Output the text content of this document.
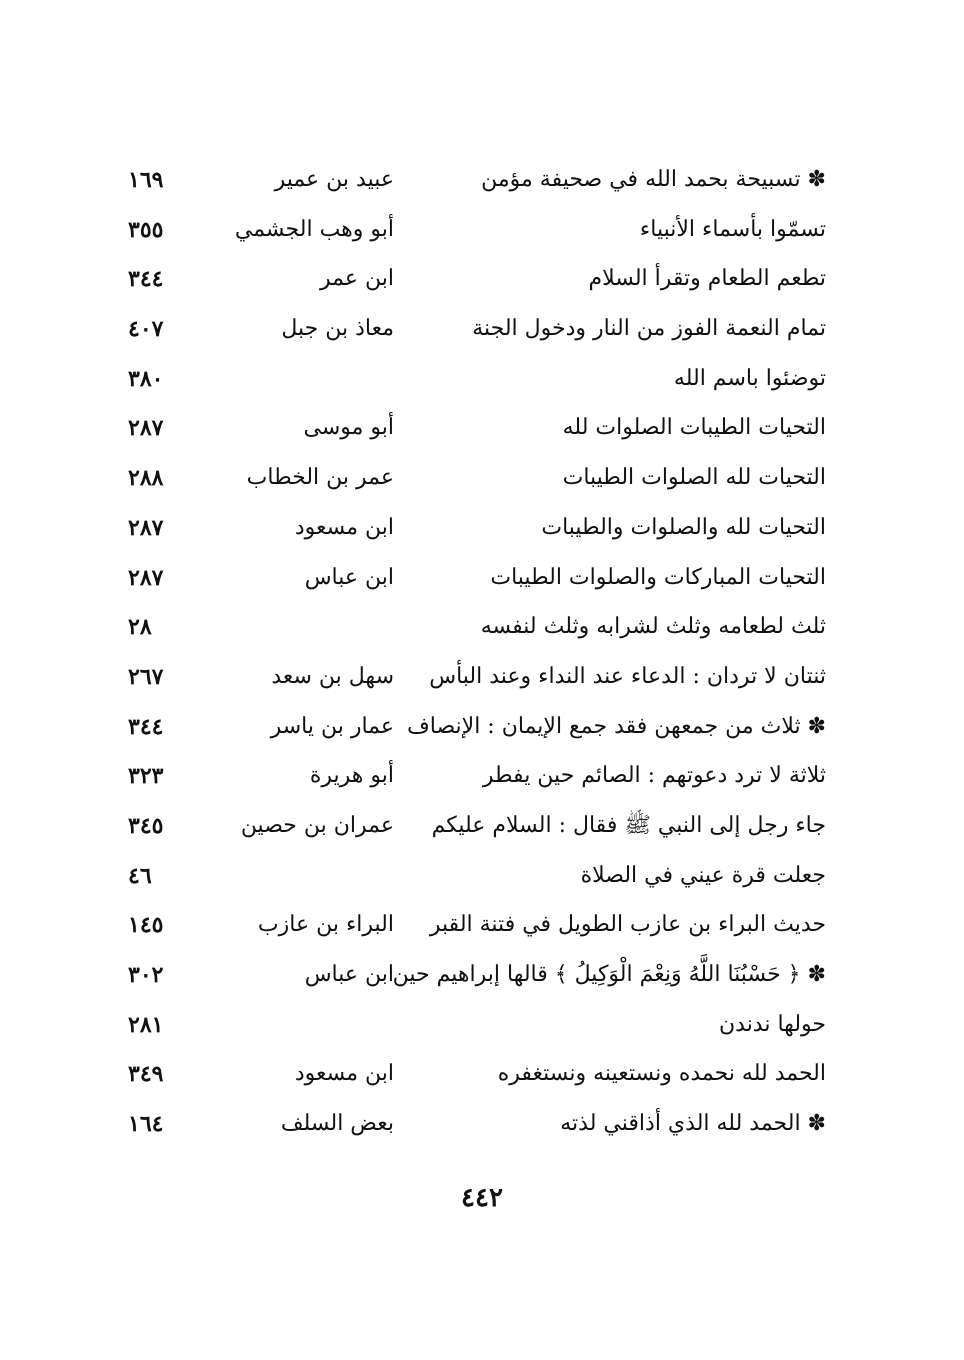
✽ تسبيحة بحمد الله في صحيفة مؤمن
عبيد بن عمير
١٦٩
تسمّوا بأسماء الأنبياء
أبو وهب الجشمي
٣٥٥
تطعم الطعام وتقرأ السلام
ابن عمر
٣٤٤
تمام النعمة الفوز من النار ودخول الجنة
معاذ بن جبل
٤٠٧
توضئوا باسم الله
٣٨٠
التحيات الطيبات الصلوات لله
أبو موسى
٢٨٧
التحيات لله الصلوات الطيبات
عمر بن الخطاب
٢٨٨
التحيات لله والصلوات والطيبات
ابن مسعود
٢٨٧
التحيات المباركات والصلوات الطيبات
ابن عباس
٢٨٧
ثلث لطعامه وثلث لشرابه وثلث لنفسه
٢٨
ثنتان لا تردان : الدعاء عند النداء وعند البأس
سهل بن سعد
٢٦٧
✽ ثلاث من جمعهن فقد جمع الإيمان : الإنصاف
عمار بن ياسر
٣٤٤
ثلاثة لا ترد دعوتهم : الصائم حين يفطر
أبو هريرة
٣٢٣
جاء رجل إلى النبي ﷺ فقال : السلام عليكم
عمران بن حصين
٣٤٥
جعلت قرة عيني في الصلاة
٤٦
حديث البراء بن عازب الطويل في فتنة القبر
البراء بن عازب
١٤٥
✽ ﴿ حَسْبُنَا اللَّهُ وَنِعْمَ الْوَكِيلُ ﴾ قالها إبراهيم حين
ابن عباس
٣٠٢
حولها ندندن
٢٨١
الحمد لله نحمده ونستعينه ونستغفره
ابن مسعود
٣٤٩
✽ الحمد لله الذي أذاقني لذته
بعض السلف
١٦٤
٤٤٢
